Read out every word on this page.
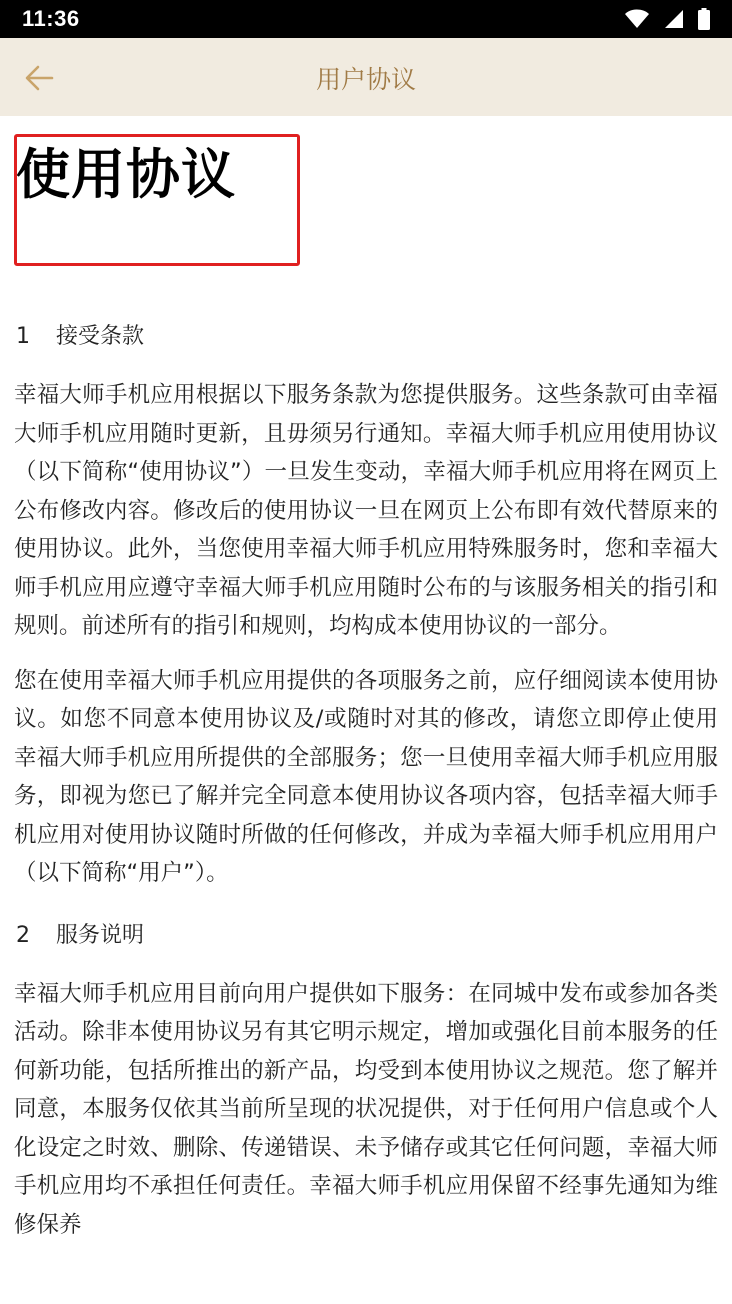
11:36
用户协议
使用协议
1 接受条款

幸福大师手机应用根据以下服务条款为您提供服务。这些条款可由幸福大师手机应用随时更新，且毋须另行通知。幸福大师手机应用使用协议（以下简称“使用协议”）一旦发生变动，幸福大师手机应用将在网页上公布修改内容。修改后的使用协议一旦在网页上公布即有效代替原来的使用协议。此外，当您使用幸福大师手机应用特殊服务时，您和幸福大师手机应用应遵守幸福大师手机应用随时公布的与该服务相关的指引和规则。前述所有的指引和规则，均构成本使用协议的一部分。

您在使用幸福大师手机应用提供的各项服务之前，应仔细阅读本使用协议。如您不同意本使用协议及/或随时对其的修改，请您立即停止使用幸福大师手机应用所提供的全部服务；您一旦使用幸福大师手机应用服务，即视为您已了解并完全同意本使用协议各项内容，包括幸福大师手机应用对使用协议随时所做的任何修改，并成为幸福大师手机应用用户（以下简称“用户”）。

2 服务说明

幸福大师手机应用目前向用户提供如下服务：在同城中发布或参加各类活动。除非本使用协议另有其它明示规定，增加或强化目前本服务的任何新功能，包括所推出的新产品，均受到本使用协议之规范。您了解并同意，本服务仅依其当前所呈现的状况提供，对于任何用户信息或个人化设定之时效、删除、传递错误、未予储存或其它任何问题，幸福大师手机应用均不承担任何责任。幸福大师手机应用保留不经事先通知为维修保养
